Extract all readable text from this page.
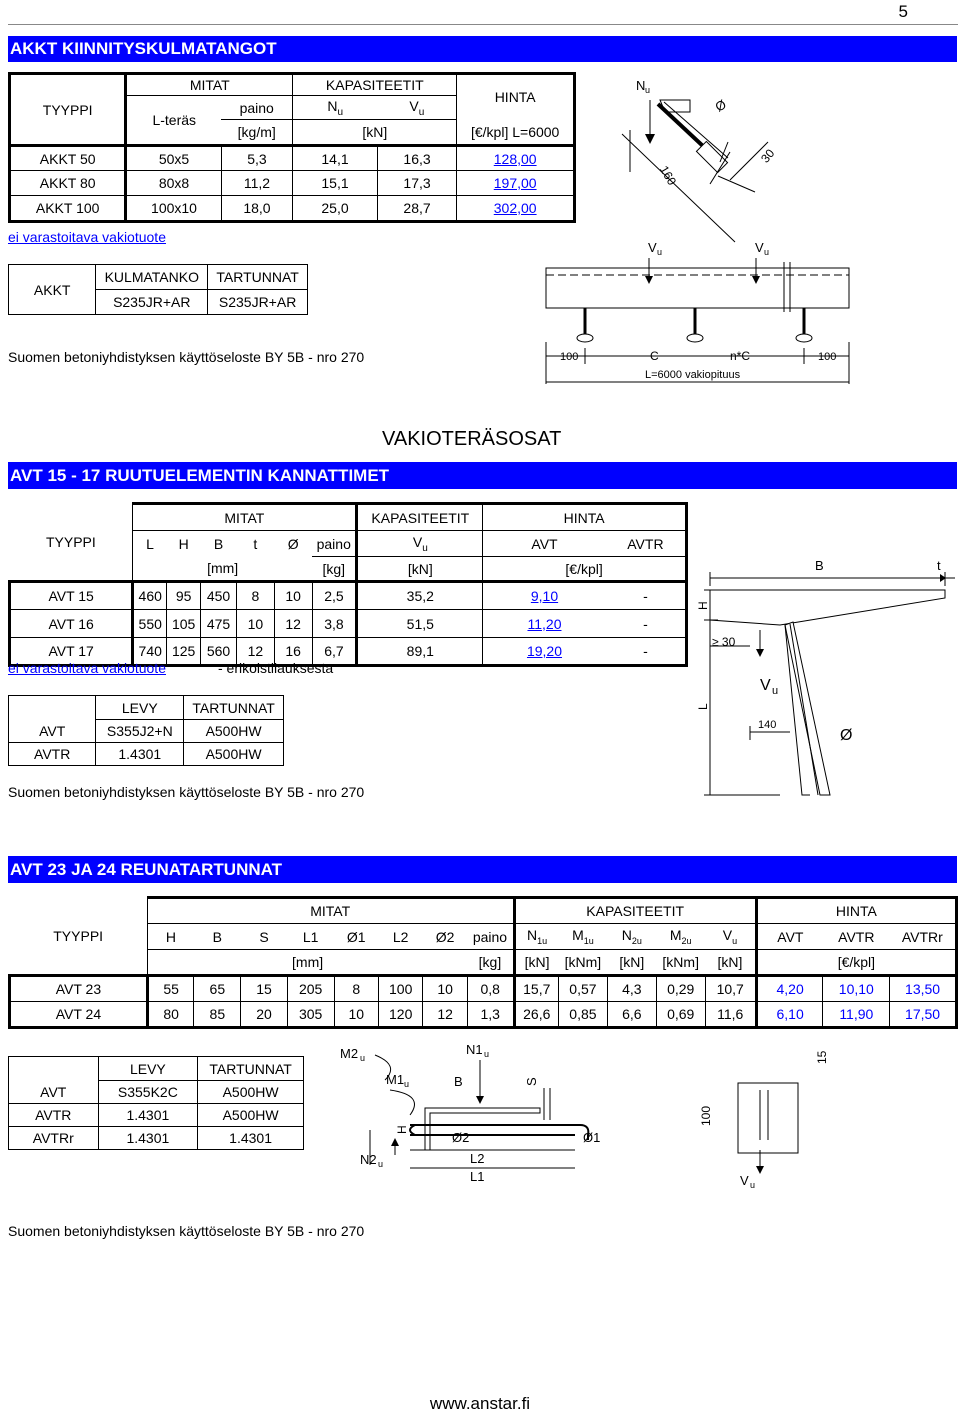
5
AKKT KIINNITYSKULMATANGOT
TYYPPI	MITAT		KAPASITEETIT		HINTA
	L-teräs	paino	$N_u$	$V_u$
		[kg/m]	[kN]		[€/kpl] L=6000
AKKT 50	50x5	5,3	14,1	16,3	128,00
AKKT 80	80x8	11,2	15,1	17,3	197,00
AKKT 100	100x10	18,0	25,0	28,7	302,00
ei varastoitava vakiotuote
AKKT	KULMATANKO	TARTUNNAT
	S235JR+AR	S235JR+AR
Suomen betoniyhdistyksen käyttöseloste BY 5B - nro 270
N u
160
Ø
30
V u	V u
100	C	n*C	100
L=6000 vakiopituus
VAKIOTERÄSOSAT
AVT 15 - 17 RUUTUELEMENTIN KANNATTIMET
TYYPPI	MITAT						KAPASITEETIT	HINTA	
	L	H	B	t	Ø	paino	$V_u$	AVT	AVTR
	[mm]					[kg]	[kN]	[€/kpl]	
AVT 15	460	95	450	8	10	2,5	35,2	9,10	-
AVT 16	550	105	475	10	12	3,8	51,5	11,20	-
AVT 17	740	125	560	12	16	6,7	89,1	19,20	-
ei varastoitava vakiotuote	- erikoistilauksesta
	LEVY	TARTUNNAT
AVT	S355J2+N	A500HW
AVTR	1.4301	A500HW
Suomen betoniyhdistyksen käyttöseloste BY 5B - nro 270
B	t
H
L
≥ 30
V u
140
Ø
AVT 23 JA 24 REUNATARTUNNAT
TYYPPI	MITAT								KAPASITEETIT					HINTA		
	H	B	S	L1	Ø1	L2	Ø2	paino	$N_{1u}$	$M_{1u}$	$N_{2u}$	$M_{2u}$	$V_u$	AVT	AVTR	AVTRr
	[mm]							[kg]	[kN]	[kNm]	[kN]	[kNm]	[kN]	[€/kpl]		
AVT 23	55	65	15	205	8	100	10	0,8	15,7	0,57	4,3	0,29	10,7	4,20	10,10	13,50
AVT 24	80	85	20	305	10	120	12	1,3	26,6	0,85	6,6	0,69	11,6	6,10	11,90	17,50
	LEVY	TARTUNNAT
AVT	S355K2C	A500HW
AVTR	1.4301	A500HW
AVTRr	1.4301	1.4301
M2 u
N1 u
M1 u	B	S
H
Ø2	Ø1
N2 u	L2
L1
15
100
V u
Suomen betoniyhdistyksen käyttöseloste BY 5B - nro 270
www.anstar.fi
